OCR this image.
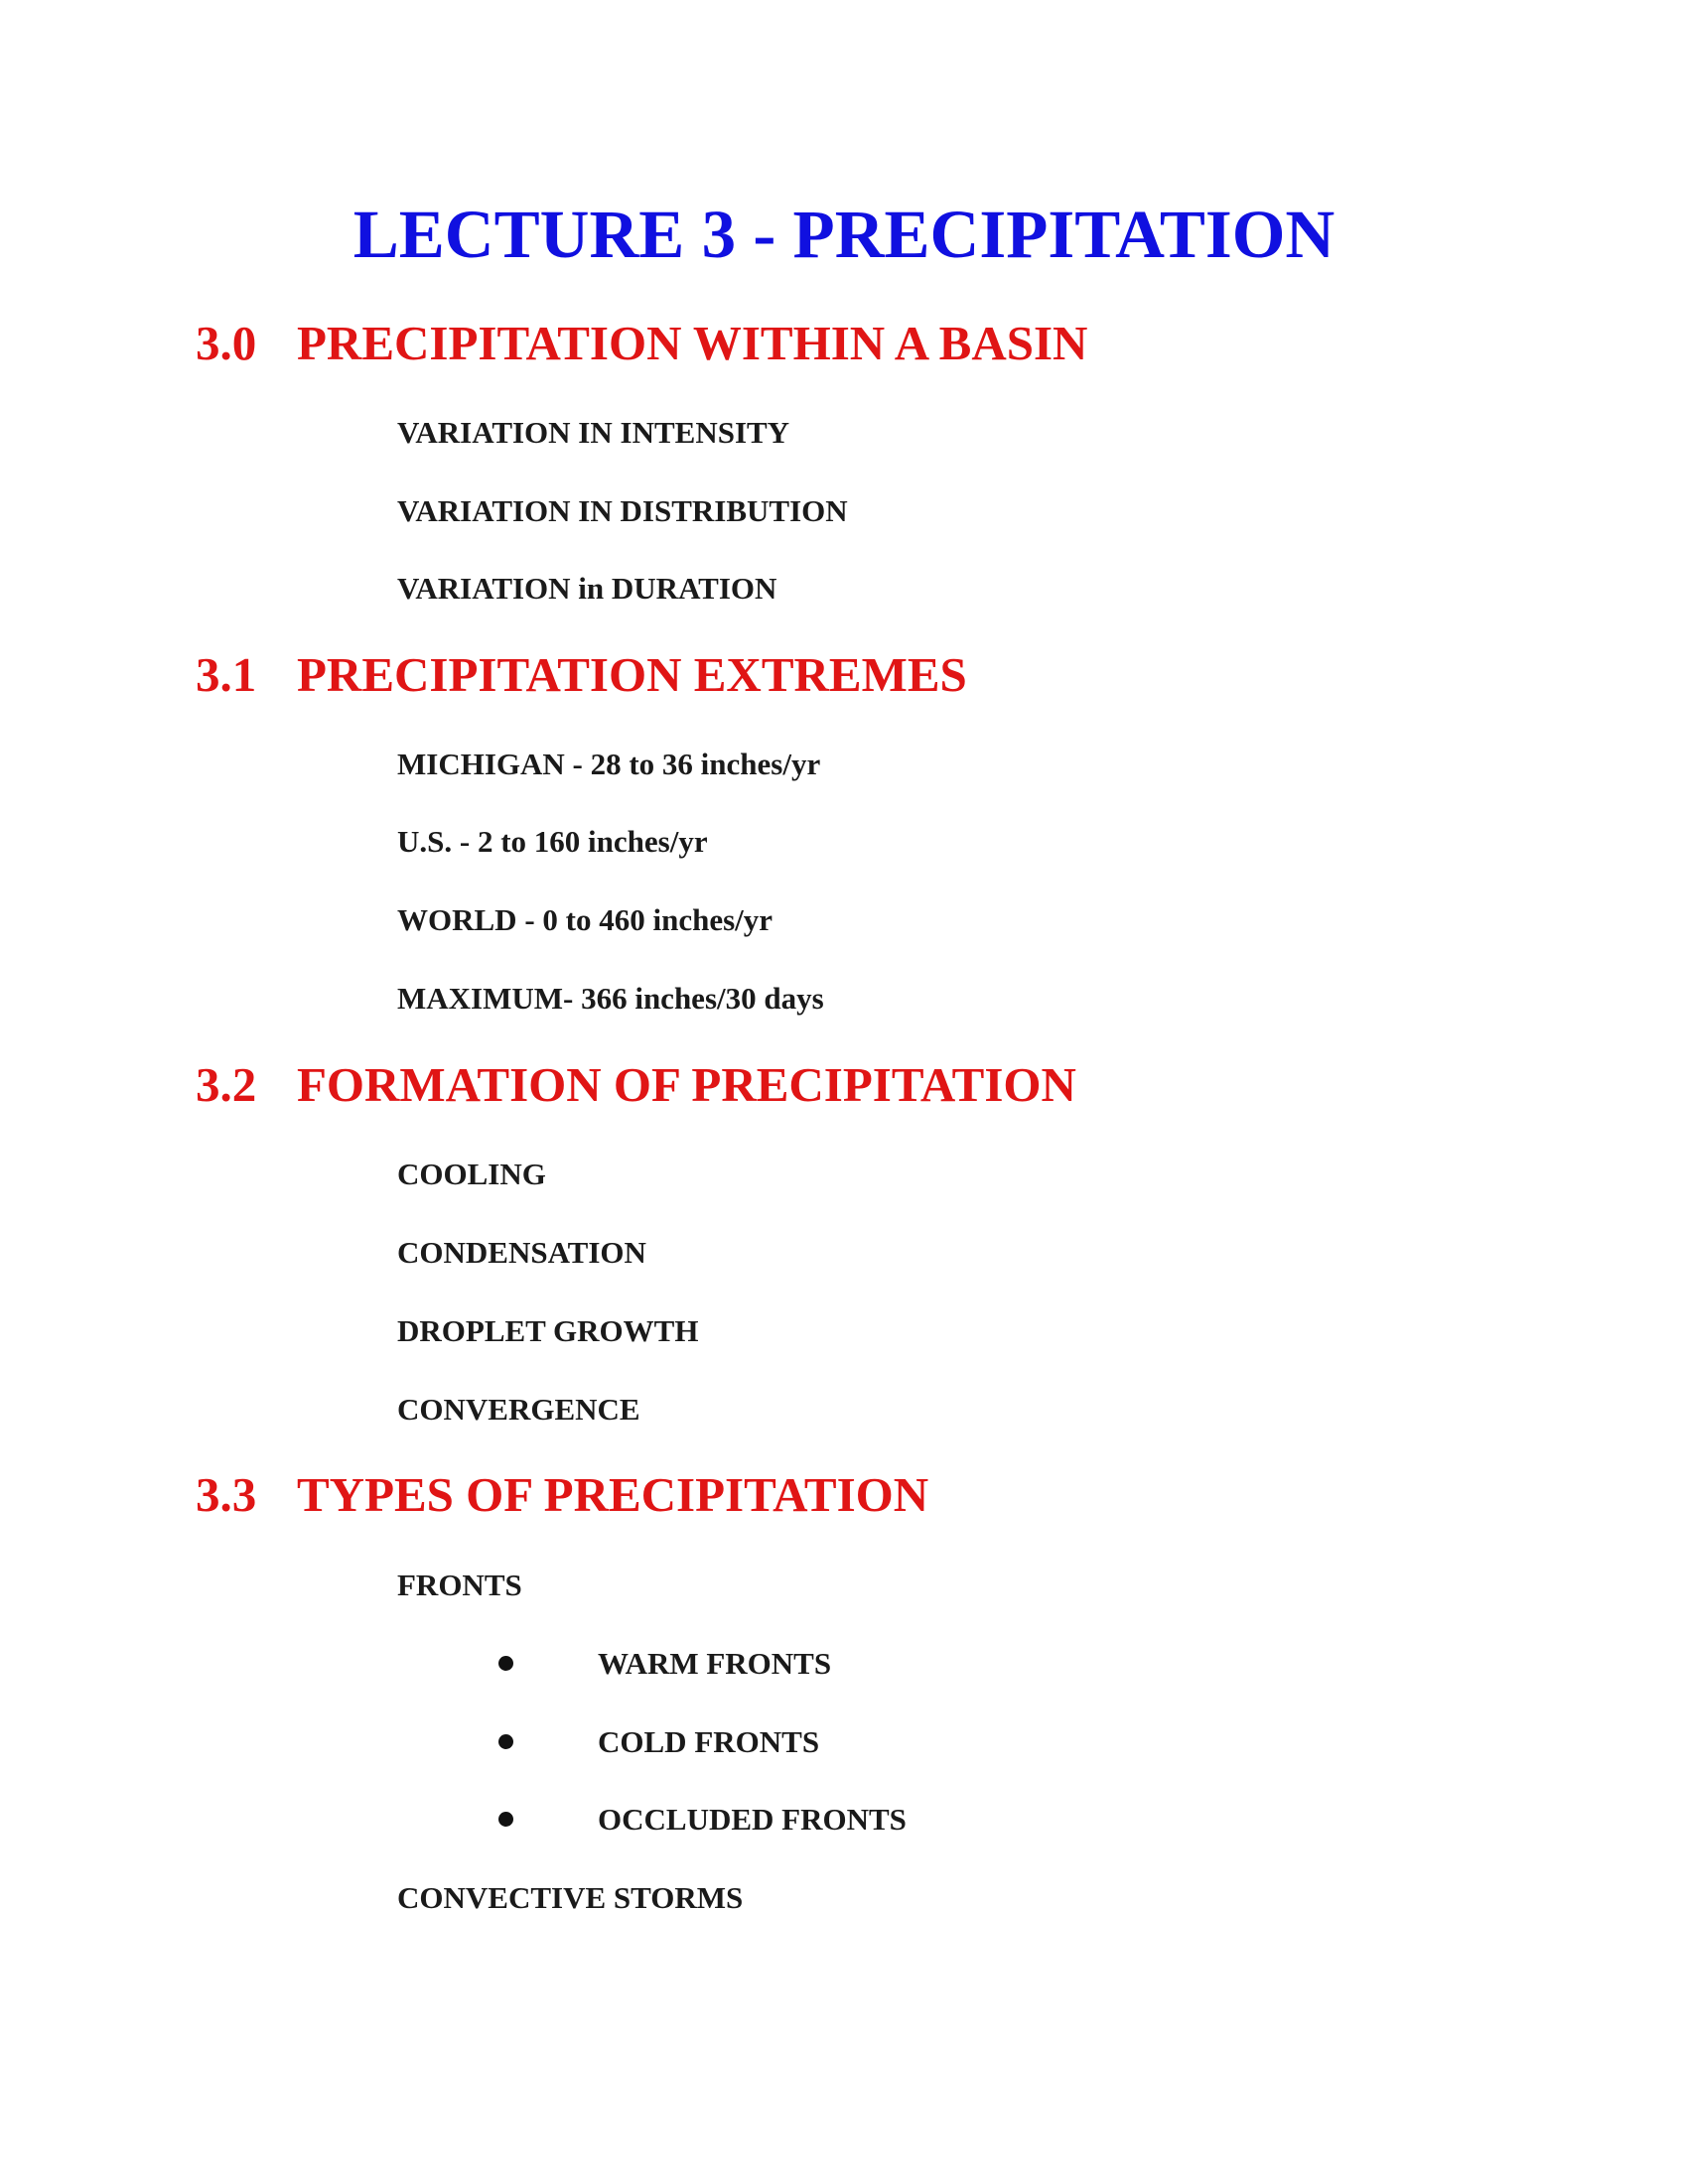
LECTURE 3 - PRECIPITATION
3.0 PRECIPITATION WITHIN A BASIN
VARIATION IN INTENSITY
VARIATION IN DISTRIBUTION
VARIATION in DURATION
3.1 PRECIPITATION EXTREMES
MICHIGAN - 28 to 36 inches/yr
U.S. - 2 to 160 inches/yr
WORLD - 0 to 460 inches/yr
MAXIMUM- 366 inches/30 days
3.2 FORMATION OF PRECIPITATION
COOLING
CONDENSATION
DROPLET GROWTH
CONVERGENCE
3.3 TYPES OF PRECIPITATION
FRONTS
WARM FRONTS
COLD FRONTS
OCCLUDED FRONTS
CONVECTIVE STORMS
